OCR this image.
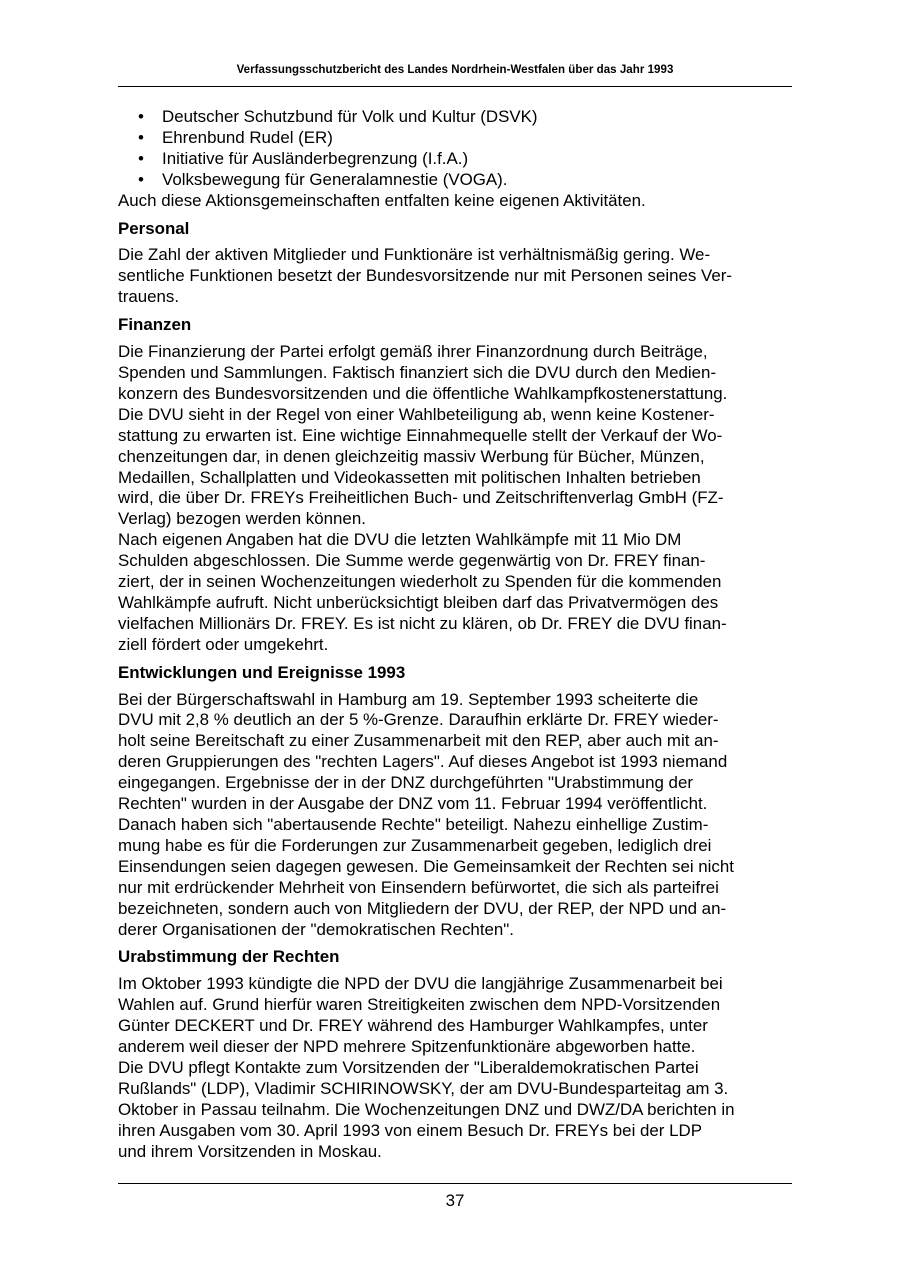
Verfassungsschutzbericht des Landes Nordrhein-Westfalen über das Jahr 1993
• Deutscher Schutzbund für Volk und Kultur (DSVK)
• Ehrenbund Rudel (ER)
• Initiative für Ausländerbegrenzung (I.f.A.)
• Volksbewegung für Generalamnestie (VOGA).

Auch diese Aktionsgemeinschaften entfalten keine eigenen Aktivitäten.

Personal

Die Zahl der aktiven Mitglieder und Funktionäre ist verhältnismäßig gering. We-
sentliche Funktionen besetzt der Bundesvorsitzende nur mit Personen seines Ver-
trauens.

Finanzen

Die Finanzierung der Partei erfolgt gemäß ihrer Finanzordnung durch Beiträge,
Spenden und Sammlungen. Faktisch finanziert sich die DVU durch den Medien-
konzern des Bundesvorsitzenden und die öffentliche Wahlkampfkostenerstattung.
Die DVU sieht in der Regel von einer Wahlbeteiligung ab, wenn keine Kostener-
stattung zu erwarten ist. Eine wichtige Einnahmequelle stellt der Verkauf der Wo-
chenzeitungen dar, in denen gleichzeitig massiv Werbung für Bücher, Münzen,
Medaillen, Schallplatten und Videokassetten mit politischen Inhalten betrieben
wird, die über Dr. FREYs Freiheitlichen Buch- und Zeitschriftenverlag GmbH (FZ-
Verlag) bezogen werden können.

Nach eigenen Angaben hat die DVU die letzten Wahlkämpfe mit 11 Mio DM
Schulden abgeschlossen. Die Summe werde gegenwärtig von Dr. FREY finan-
ziert, der in seinen Wochenzeitungen wiederholt zu Spenden für die kommenden
Wahlkämpfe aufruft. Nicht unberücksichtigt bleiben darf das Privatvermögen des
vielfachen Millionärs Dr. FREY. Es ist nicht zu klären, ob Dr. FREY die DVU finan-
ziell fördert oder umgekehrt.

Entwicklungen und Ereignisse 1993

Bei der Bürgerschaftswahl in Hamburg am 19. September 1993 scheiterte die
DVU mit 2,8 % deutlich an der 5 %-Grenze. Daraufhin erklärte Dr. FREY wieder-
holt seine Bereitschaft zu einer Zusammenarbeit mit den REP, aber auch mit an-
deren Gruppierungen des "rechten Lagers". Auf dieses Angebot ist 1993 niemand
eingegangen. Ergebnisse der in der DNZ durchgeführten "Urabstimmung der
Rechten" wurden in der Ausgabe der DNZ vom 11. Februar 1994 veröffentlicht.
Danach haben sich "abertausende Rechte" beteiligt. Nahezu einhellige Zustim-
mung habe es für die Forderungen zur Zusammenarbeit gegeben, lediglich drei
Einsendungen seien dagegen gewesen. Die Gemeinsamkeit der Rechten sei nicht
nur mit erdrückender Mehrheit von Einsendern befürwortet, die sich als parteifrei
bezeichneten, sondern auch von Mitgliedern der DVU, der REP, der NPD und an-
derer Organisationen der "demokratischen Rechten".

Urabstimmung der Rechten

Im Oktober 1993 kündigte die NPD der DVU die langjährige Zusammenarbeit bei
Wahlen auf. Grund hierfür waren Streitigkeiten zwischen dem NPD-Vorsitzenden
Günter DECKERT und Dr. FREY während des Hamburger Wahlkampfes, unter
anderem weil dieser der NPD mehrere Spitzenfunktionäre abgeworben hatte.

Die DVU pflegt Kontakte zum Vorsitzenden der "Liberaldemokratischen Partei
Rußlands" (LDP), Vladimir SCHIRINOWSKY, der am DVU-Bundesparteitag am 3.
Oktober in Passau teilnahm. Die Wochenzeitungen DNZ und DWZ/DA berichten in
ihren Ausgaben vom 30. April 1993 von einem Besuch Dr. FREYs bei der LDP
und ihrem Vorsitzenden in Moskau.

37
